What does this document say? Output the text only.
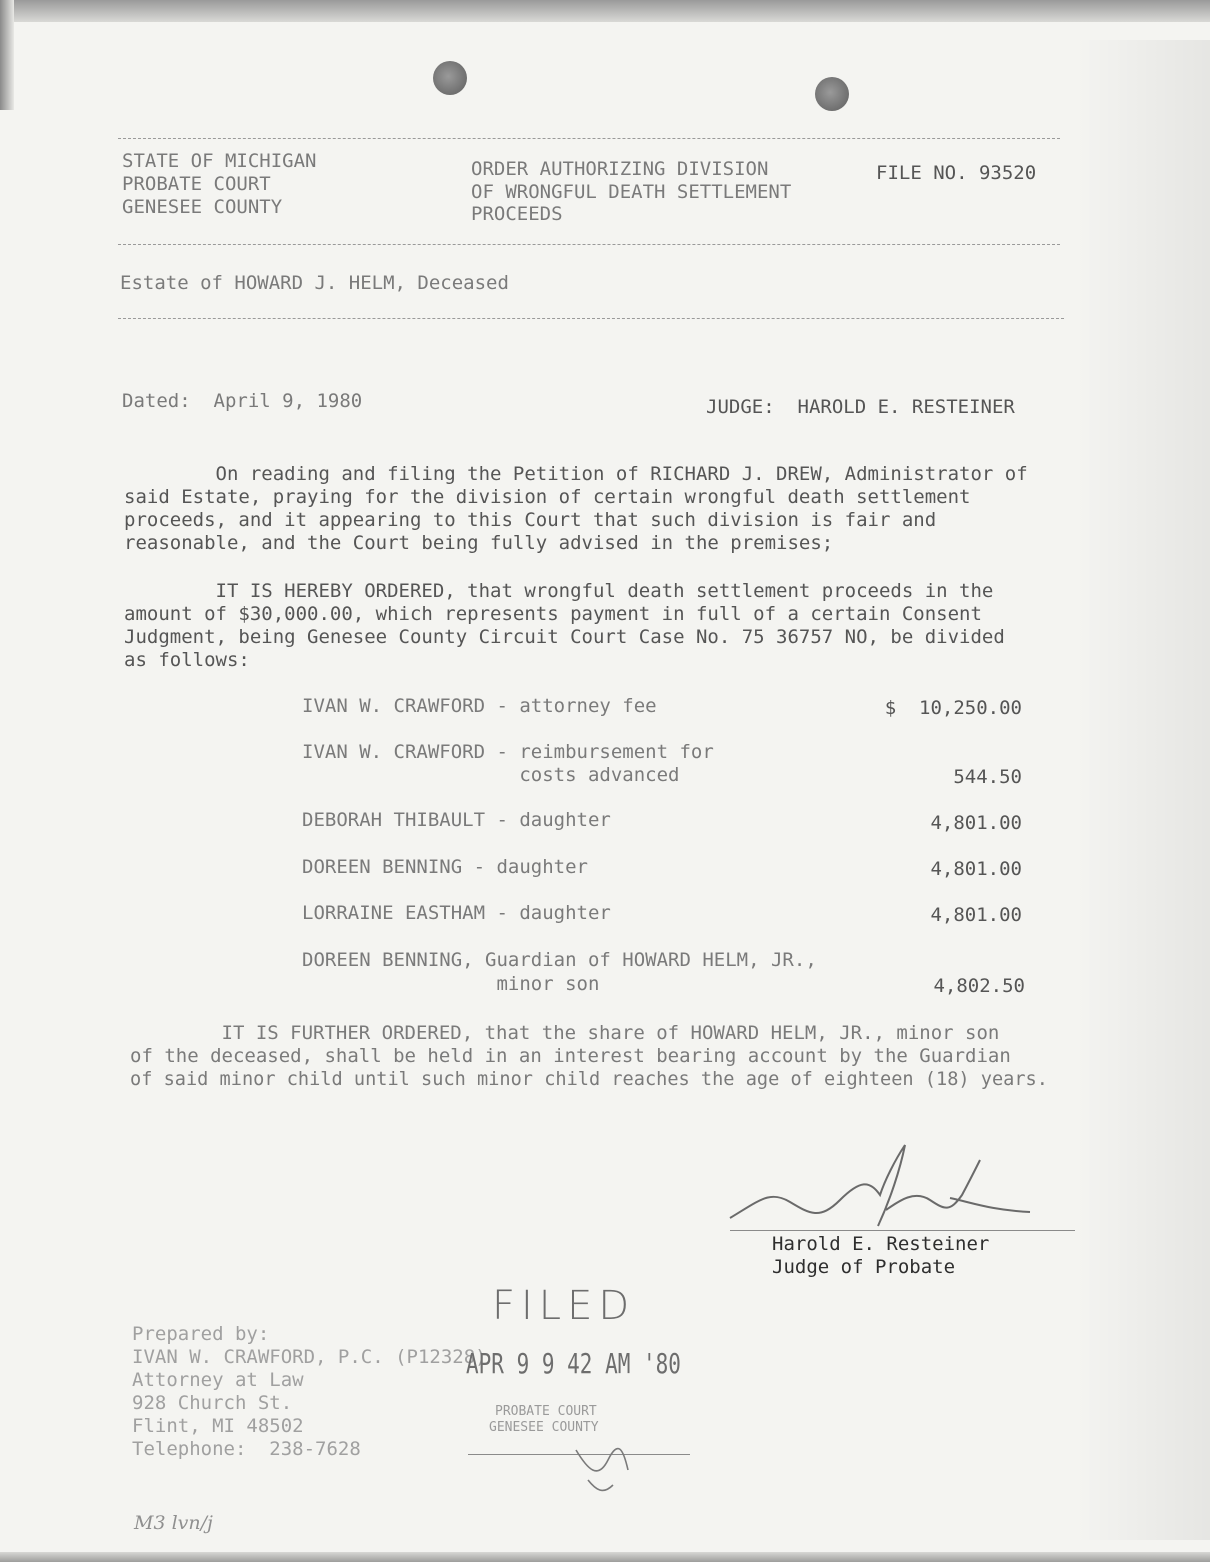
STATE OF MICHIGAN
PROBATE COURT
GENESEE COUNTY
ORDER AUTHORIZING DIVISION
OF WRONGFUL DEATH SETTLEMENT
PROCEEDS
FILE NO. 93520
Estate of HOWARD J. HELM, Deceased
Dated:  April 9, 1980	JUDGE:  HAROLD E. RESTEINER
On reading and filing the Petition of RICHARD J. DREW, Administrator of
said Estate, praying for the division of certain wrongful death settlement
proceeds, and it appearing to this Court that such division is fair and
reasonable, and the Court being fully advised in the premises;
IT IS HEREBY ORDERED, that wrongful death settlement proceeds in the
amount of $30,000.00, which represents payment in full of a certain Consent
Judgment, being Genesee County Circuit Court Case No. 75 36757 NO, be divided
as follows:
IVAN W. CRAWFORD - attorney fee	$  10,250.00
IVAN W. CRAWFORD - reimbursement for
costs advanced	544.50
DEBORAH THIBAULT - daughter	4,801.00
DOREEN BENNING - daughter	4,801.00
LORRAINE EASTHAM - daughter	4,801.00
DOREEN BENNING, Guardian of HOWARD HELM, JR.,
minor son	4,802.50
IT IS FURTHER ORDERED, that the share of HOWARD HELM, JR., minor son
of the deceased, shall be held in an interest bearing account by the Guardian
of said minor child until such minor child reaches the age of eighteen (18) years.
Harold E. Resteiner
Judge of Probate
Prepared by:
IVAN W. CRAWFORD, P.C. (P12328)
Attorney at Law
928 Church St.
Flint, MI 48502
Telephone:  238-7628
FILED
APR 9 9 42 AM '80
PROBATE COURT
GENESEE COUNTY
M3 lvn/j
